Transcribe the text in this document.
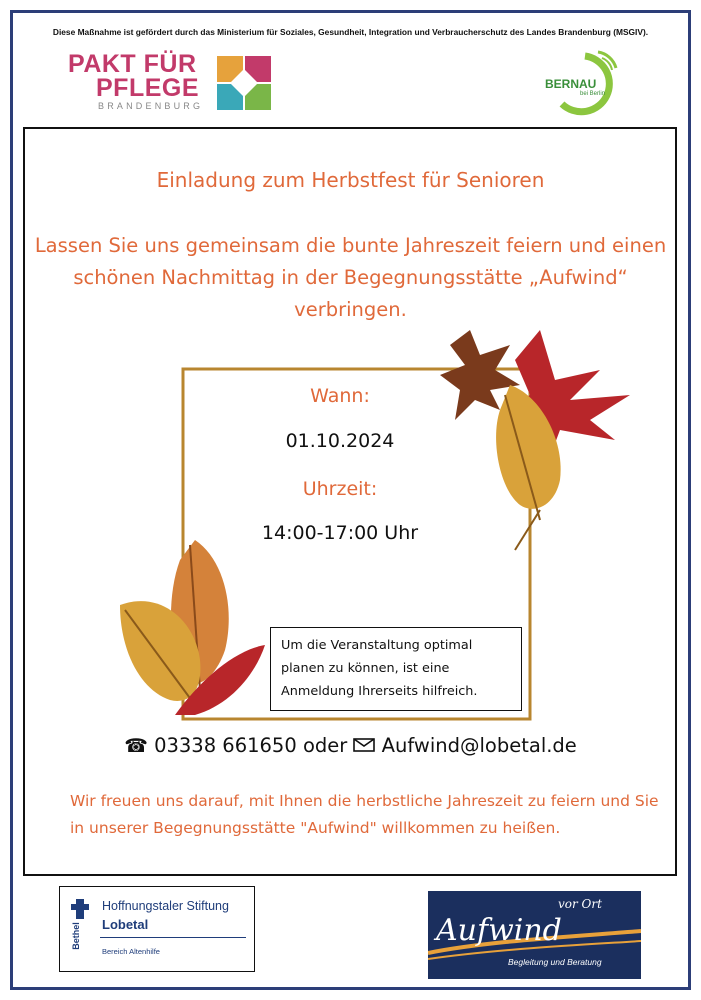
Diese Maßnahme ist gefördert durch das Ministerium für Soziales, Gesundheit, Integration und Verbraucherschutz des Landes Brandenburg (MSGIV).
PAKT FÜR
PFLEGE
BRANDENBURG
BERNAU
bei Berlin
Einladung zum Herbstfest für Senioren
Lassen Sie uns gemeinsam die bunte Jahreszeit feiern und einen schönen Nachmittag in der Begegnungsstätte „Aufwind“ verbringen.
Wann:
01.10.2024
Uhrzeit:
14:00-17:00 Uhr
Um die Veranstaltung optimal planen zu können, ist eine Anmeldung Ihrerseits hilfreich.
☎ 03338 661650 oder Aufwind@lobetal.de
Wir freuen uns darauf, mit Ihnen die herbstliche Jahreszeit zu feiern und Sie in unserer Begegnungsstätte "Aufwind" willkommen zu heißen.
Bethel
Hoffnungstaler Stiftung
Lobetal
Bereich Altenhilfe
Aufwind
vor Ort
Begleitung und Beratung
